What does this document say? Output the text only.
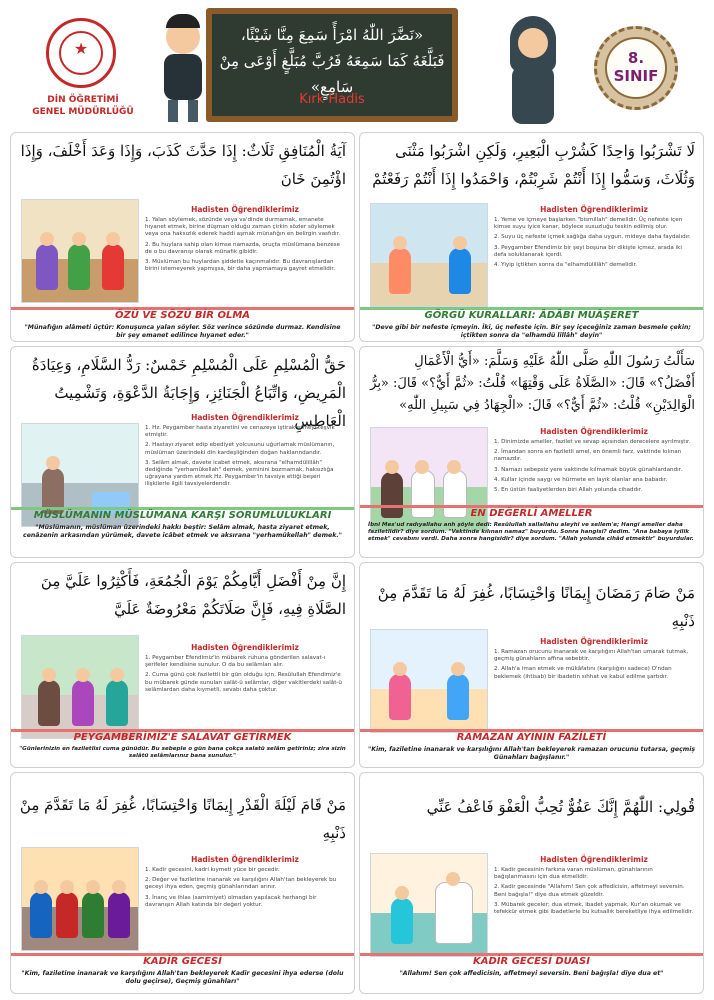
★
DİN ÖĞRETİMİ
GENEL MÜDÜRLÜĞÜ
«نَضَّرَ اللّٰهُ امْرَأً سَمِعَ مِنَّا شَيْئًا،
فَبَلَّغَهُ كَمَا سَمِعَهُ فَرُبَّ مُبَلَّغٍ أَوْعَى مِنْ سَامِعٍ»
Kırk Hadis
8.
SINIF
آيَةُ الْمُنَافِقِ ثَلَاثٌ: إِذَا حَدَّثَ كَذَبَ، وَإِذَا وَعَدَ أَخْلَفَ، وَإِذَا اؤْتُمِنَ خَانَ
Hadisten Öğrendiklerimiz
1. Yalan söylemek, sözünde veya va'dinde durmamak, emanete hıyanet etmek, birine düşman olduğu zaman çirkin sözler söylemek veya ona haksızlık ederek haddi aşmak münafığın en belirgin vasfıdır.
2. Bu huylara sahip olan kimse namazda, oruçta müslümana benzese de o bu davranışı olarak münafık gibidir.
3. Müslüman bu huylardan şiddetle kaçınmalıdır. Bu davranışlardan birini istemeyerek yapmışsa, bir daha yapmamaya gayret etmelidir.
ÖZÜ VE SÖZÜ BİR OLMA
"Münafığın alâmeti üçtür: Konuşunca yalan söyler. Söz verince sözünde durmaz. Kendisine bir şey emanet edilince hıyanet eder."
لَا تَشْرَبُوا وَاحِدًا كَشُرْبِ الْبَعِيرِ، وَلَكِنِ اشْرَبُوا مَثْنَى وَثُلَاثَ، وَسَمُّوا إِذَا أَنْتُمْ شَرِبْتُمْ، وَاحْمَدُوا إِذَا أَنْتُمْ رَفَعْتُمْ
Hadisten Öğrendiklerimiz
1. Yeme ve içmeye başlarken "bismillah" demelidir. Üç nefeste içen kimse suyu iyice kanar, böylece susuzluğu teskin edilmiş olur.
2. Suyu üç nefeste içmek sağlığa daha uygun, mideye daha faydalıdır.
3. Peygamber Efendimiz bir şeyi boşuna bir dikişte içmez, arada iki defa soluklanarak içerdi.
4. Yiyip içtikten sonra da "elhamdülillâh" demelidir.
GÖRGÜ KURALLARI: ÂDÂBI MUÂŞERET
"Deve gibi bir nefeste içmeyin. İki, üç nefeste için. Bir şey içeceğiniz zaman besmele çekin; içtikten sonra da "elhamdü lillâh" deyin"
حَقُّ الْمُسْلِمِ عَلَى الْمُسْلِمِ خَمْسٌ: رَدُّ السَّلَامِ، وَعِيَادَةُ الْمَرِيضِ، وَاتِّبَاعُ الْجَنَائِزِ، وَإِجَابَةُ الدَّعْوَةِ، وَتَشْمِيتُ الْعَاطِسِ
Hadisten Öğrendiklerimiz
1. Hz. Peygamber hasta ziyaretini ve cenazeye iştirak etmeyi teşvik etmiştir.
2. Hastayı ziyaret edip ebediyet yolcusunu uğurlamak müslümanın, müslüman üzerindeki din kardeşliğinden doğan haklarındandır.
3. Selâm almak, davete icabet etmek, aksırana "elhamdülillâh" dediğinde "yerhamükellah" demek, yeminini bozmamak, haksızlığa uğrayana yardım etmek Hz. Peygamber'in tavsiye ettiği beşeri ilişkilerle ilgili tavsiyelerdendir.
MÜSLÜMANIN MÜSLÜMANA KARŞI SORUMLULUKLARI
"Müslümanın, müslüman üzerindeki hakkı beştir: Selâm almak, hasta ziyaret etmek, cenâzenin arkasından yürümek, davete icâbet etmek ve aksırana "yerhamükellah" demek."
سَأَلْتُ رَسُولَ اللّٰهِ صَلَّى اللّٰهُ عَلَيْهِ وَسَلَّمَ: «أَيُّ الْأَعْمَالِ أَفْضَلُ؟» قَالَ: «الصَّلَاةُ عَلَى وَقْتِهَا» قُلْتُ: «ثُمَّ أَيٌّ؟» قَالَ: «بِرُّ الْوَالِدَيْنِ» قُلْتُ: «ثُمَّ أَيٌّ؟» قَالَ: «الْجِهَادُ فِي سَبِيلِ اللّٰهِ»
Hadisten Öğrendiklerimiz
1. Dinimizde ameller, fazilet ve sevap açısından derecelere ayrılmıştır.
2. İmandan sonra en faziletli amel, en önemli farz, vaktinde kılınan namazdır.
3. Namazı sebepsiz yere vaktinde kılmamak büyük günahlardandır.
4. Kullar içinde saygı ve hürmete en layık olanlar ana babadır.
5. En üstün faaliyetlerden biri Allah yolunda cihaddır.
EN DEĞERLİ AMELLER
İbni Mes'ud radıyallahu anh şöyle dedi: Resûlullah sallallahu aleyhi ve sellem'e; Hangi ameller daha faziletlidir? diye sordum. "Vaktinde kılınan namaz" buyurdu. Sonra hangisi? dedim. "Ana babaya iyilik etmek" cevabını verdi. Daha sonra hangisidir? diye sordum. "Allah yolunda cihâd etmektir" buyurdular.
إِنَّ مِنْ أَفْضَلِ أَيَّامِكُمْ يَوْمَ الْجُمُعَةِ، فَأَكْثِرُوا عَلَيَّ مِنَ الصَّلَاةِ فِيهِ، فَإِنَّ صَلَاتَكُمْ مَعْرُوضَةٌ عَلَيَّ
Hadisten Öğrendiklerimiz
1. Peygamber Efendimiz'in mübarek ruhuna gönderilen salavat-ı şerifeler kendisine sunulur. O da bu selâmları alır.
2. Cuma günü çok fazilettli bir gün olduğu için, Resûlullah Efendimiz'e bu mübarek günde sunulan salât-ü selâmlar, diğer vakitlerdeki salât-ü selâmlardan daha kıymetli, sevabı daha çoktur.
PEYGAMBERİMİZ'E SALAVAT GETİRMEK
"Günlerinizin en faziletlisi cuma günüdür. Bu sebeple o gün bana çokça salatü selâm getiriniz; zira sizin salâtü selâmlarınız bana sunulur."
مَنْ صَامَ رَمَضَانَ إِيمَانًا وَاحْتِسَابًا، غُفِرَ لَهُ مَا تَقَدَّمَ مِنْ ذَنْبِهِ
Hadisten Öğrendiklerimiz
1. Ramazan orucunu inanarak ve karşılığını Allah'tan umarak tutmak, geçmiş günahların affına sebebtir.
2. Allah'a iman etmek ve mükâfatını (karşılığını sadece) O'ndan beklemek (ihtisab) bir ibadetin sıhhat ve kabul edilme şartıdır.
RAMAZAN AYININ FAZİLETİ
"Kim, faziletine inanarak ve karşılığını Allah'tan bekleyerek ramazan orucunu tutarsa, geçmiş Günahları bağışlanır."
مَنْ قَامَ لَيْلَةَ الْقَدْرِ إِيمَانًا وَاحْتِسَابًا، غُفِرَ لَهُ مَا تَقَدَّمَ مِنْ ذَنْبِهِ
Hadisten Öğrendiklerimiz
1. Kadir gecesini, kadri kıymeti yüce bir gecedir.
2. Değer ve faziletine inanarak ve karşılığını Allah'tan bekleyerek bu geceyi ihya eden, geçmiş günahlarından arınır.
3. İnanç ve ihlas (samimiyet) olmadan yapılacak herhangi bir davranışın Allah katında bir değeri yoktur.
KADİR GECESİ
"Kim, faziletine inanarak ve karşılığını Allah'tan bekleyerek Kadir gecesini ihya ederse (dolu dolu geçirse), Geçmiş günahları"
قُولِي: اللّٰهُمَّ إِنَّكَ عَفُوٌّ تُحِبُّ الْعَفْوَ فَاعْفُ عَنِّي
Hadisten Öğrendiklerimiz
1. Kadir gecesinin farkına varan müslüman, günahlarının bağışlanmasını için dua etmelidir.
2. Kadir gecesinde "Allahım! Sen çok affedicisin, affetmeyi seversin. Beni bağışla!" diye dua etmek güzeldir.
3. Mübarek geceler; dua etmek, ibadet yapmak, Kur'an okumak ve tefekkür etmek gibi ibadetlerle bu kutsallık bereketliye ihya edilmelidir.
KADİR GECESİ DUASI
"Allahım! Sen çok affedicisin, affetmeyi seversin. Beni bağışla! diye dua et"
